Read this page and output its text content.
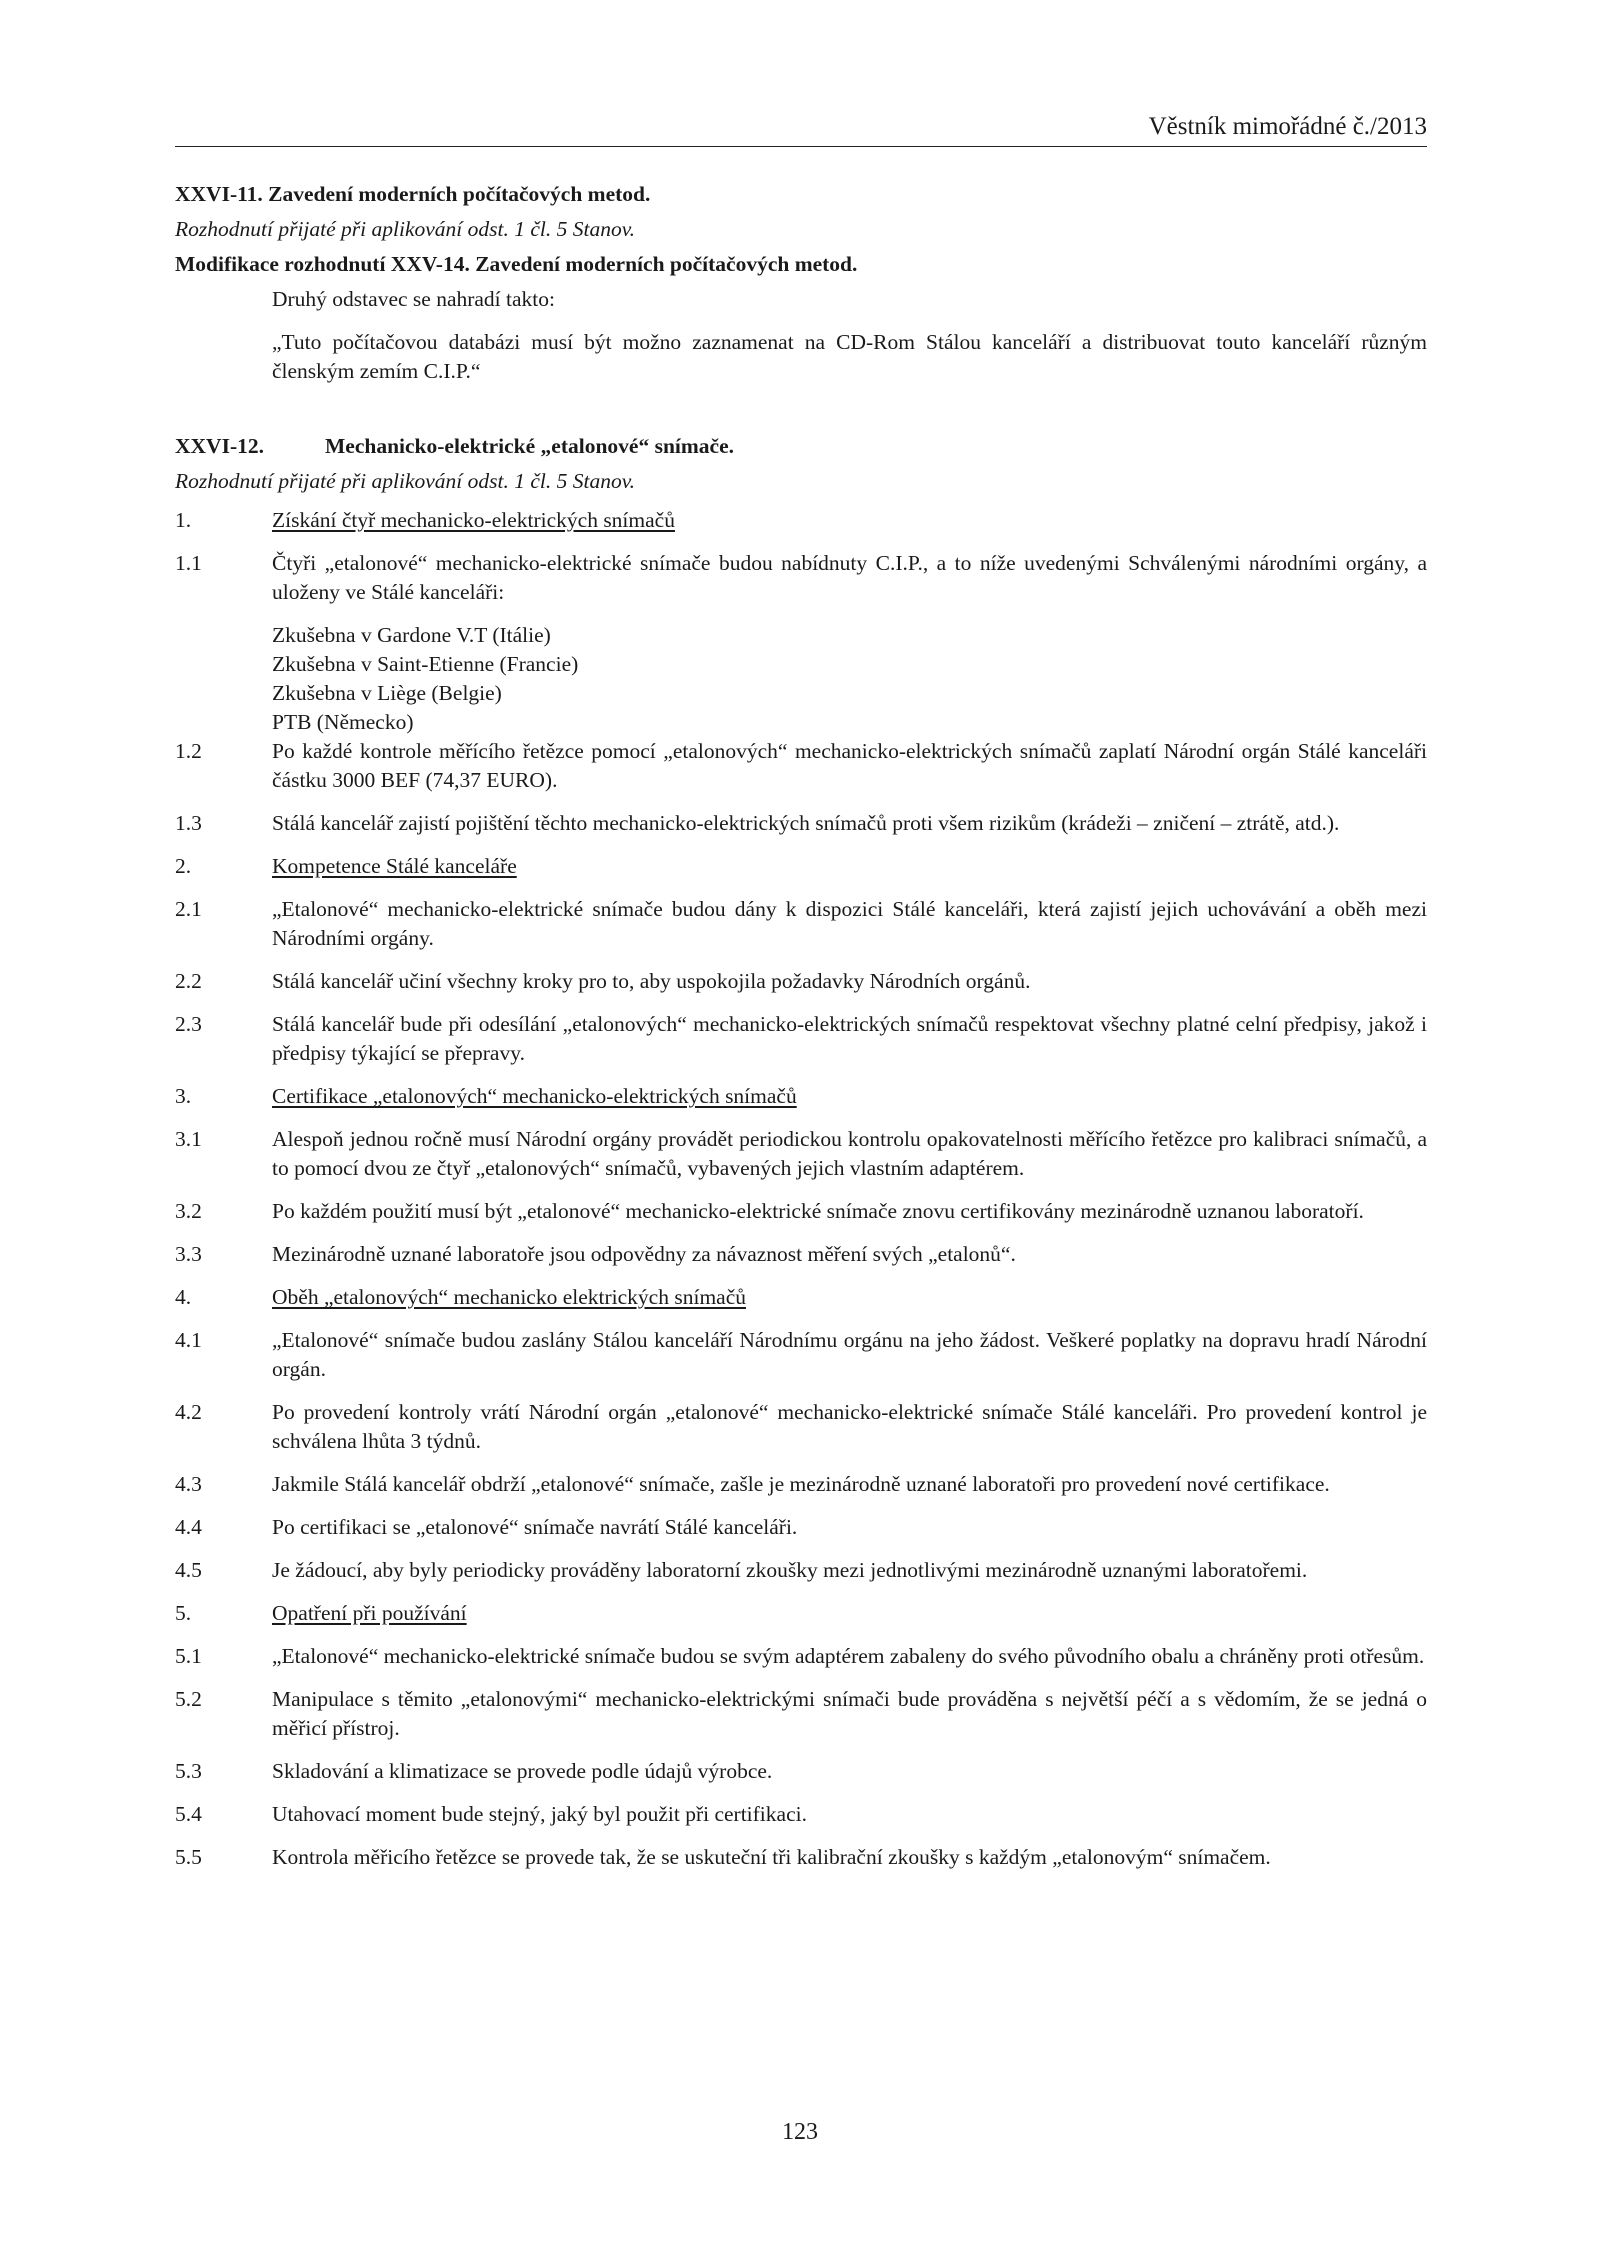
Věstník mimořádné č./2013
XXVI-11. Zavedení moderních počítačových metod.
Rozhodnutí přijaté při aplikování odst. 1 čl. 5 Stanov.
Modifikace rozhodnutí XXV-14. Zavedení moderních počítačových metod.
Druhý odstavec se nahradí takto:
„Tuto počítačovou databázi musí být možno zaznamenat na CD-Rom Stálou kanceláří a distribuovat touto kanceláří různým členským zemím C.I.P.“
XXVI-12.	Mechanicko-elektrické „etalonové“ snímače.
Rozhodnutí přijaté při aplikování odst. 1 čl. 5 Stanov.
1.	Získání čtyř mechanicko-elektrických snímačů
1.1	Čtyři „etalonové“ mechanicko-elektrické snímače budou nabídnuty C.I.P., a to níže uvedenými Schválenými národními orgány, a uloženy ve Stálé kanceláři:
Zkušebna v Gardone V.T (Itálie)
Zkušebna v Saint-Etienne (Francie)
Zkušebna v Liège (Belgie)
PTB (Německo)
1.2	Po každé kontrole měřícího řetězce pomocí „etalonových“ mechanicko-elektrických snímačů zaplatí Národní orgán Stálé kanceláři částku 3000 BEF (74,37 EURO).
1.3	Stálá kancelář zajistí pojištění těchto mechanicko-elektrických snímačů proti všem rizikům (krádeži – zničení – ztrátě, atd.).
2.	Kompetence Stálé kanceláře
2.1	„Etalonové“ mechanicko-elektrické snímače budou dány k dispozici Stálé kanceláři, která zajistí jejich uchovávání a oběh mezi Národními orgány.
2.2	Stálá kancelář učiní všechny kroky pro to, aby uspokojila požadavky Národních orgánů.
2.3	Stálá kancelář bude při odesílání „etalonových“ mechanicko-elektrických snímačů respektovat všechny platné celní předpisy, jakož i předpisy týkající se přepravy.
3.	Certifikace „etalonových“ mechanicko-elektrických snímačů
3.1	Alespoň jednou ročně musí Národní orgány provádět periodickou kontrolu opakovatelnosti měřícího řetězce pro kalibraci snímačů, a to pomocí dvou ze čtyř „etalonových“ snímačů, vybavených jejich vlastním adaptérem.
3.2	Po každém použití musí být „etalonové“ mechanicko-elektrické snímače znovu certifikovány mezinárodně uznanou laboratoří.
3.3	Mezinárodně uznané laboratoře jsou odpovědny za návaznost měření svých „etalonů“.
4.	Oběh „etalonových“ mechanicko elektrických snímačů
4.1	„Etalonové“ snímače budou zaslány Stálou kanceláří Národnímu orgánu na jeho žádost. Veškeré poplatky na dopravu hradí Národní orgán.
4.2	Po provedení kontroly vrátí Národní orgán „etalonové“ mechanicko-elektrické snímače Stálé kanceláři. Pro provedení kontrol je schválena lhůta 3 týdnů.
4.3	Jakmile Stálá kancelář obdrží „etalonové“ snímače, zašle je mezinárodně uznané laboratoři pro provedení nové certifikace.
4.4	Po certifikaci se „etalonové“ snímače navrátí Stálé kanceláři.
4.5	Je žádoucí, aby byly periodicky prováděny laboratorní zkoušky mezi jednotlivými mezinárodně uznanými laboratořemi.
5.	Opatření při používání
5.1	„Etalonové“ mechanicko-elektrické snímače budou se svým adaptérem zabaleny do svého původního obalu a chráněny proti otřesům.
5.2	Manipulace s těmito „etalonovými“ mechanicko-elektrickými snímači bude prováděna s největší péčí a s vědomím, že se jedná o měřicí přístroj.
5.3	Skladování a klimatizace se provede podle údajů výrobce.
5.4	Utahovací moment bude stejný, jaký byl použit při certifikaci.
5.5	Kontrola měřicího řetězce se provede tak, že se uskuteční tři kalibrační zkoušky s každým „etalonovým“ snímačem.
123
